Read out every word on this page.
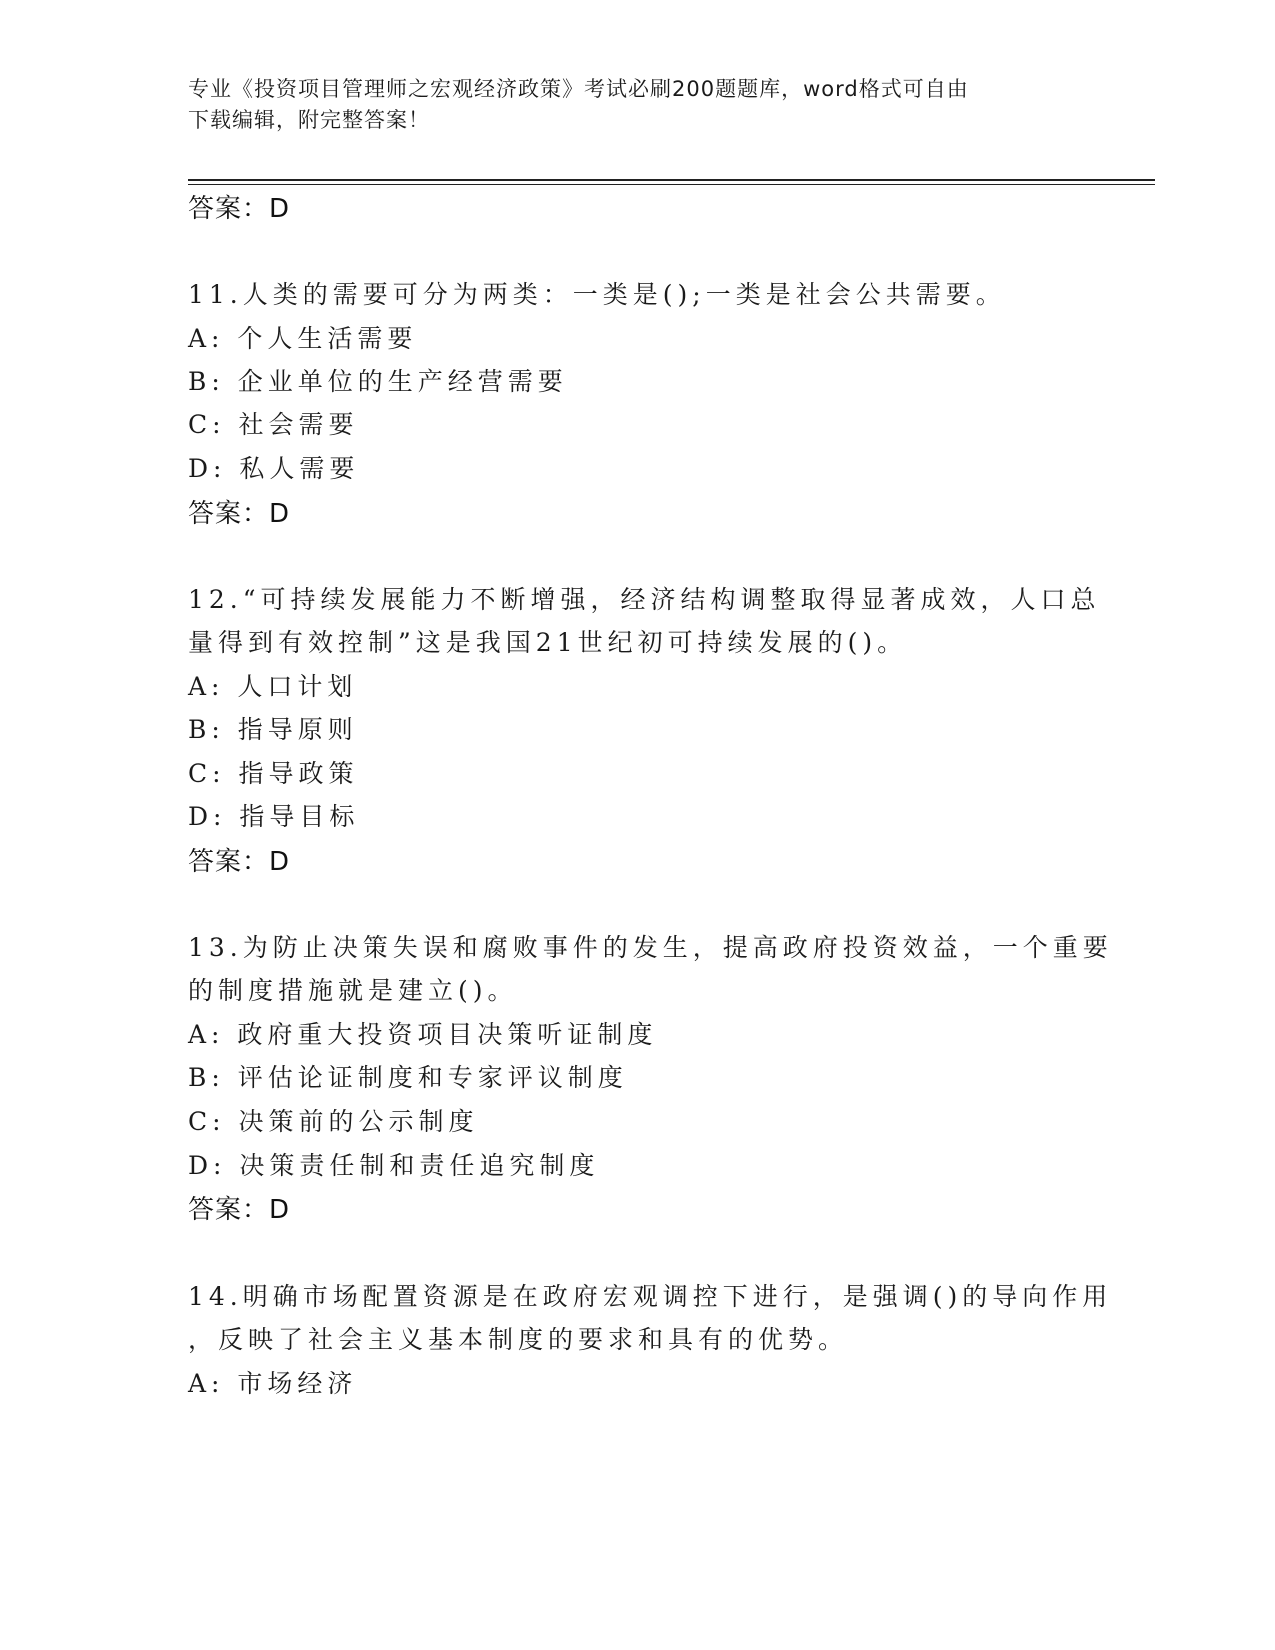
专业《投资项目管理师之宏观经济政策》考试必刷200题题库，word格式可自由
下载编辑，附完整答案！
答案：D
11.人类的需要可分为两类：一类是();一类是社会公共需要。
A: 个人生活需要
B: 企业单位的生产经营需要
C: 社会需要
D: 私人需要
答案：D
12.“可持续发展能力不断增强，经济结构调整取得显著成效，人口总
量得到有效控制”这是我国21世纪初可持续发展的()。
A: 人口计划
B: 指导原则
C: 指导政策
D: 指导目标
答案：D
13.为防止决策失误和腐败事件的发生，提高政府投资效益，一个重要
的制度措施就是建立()。
A: 政府重大投资项目决策听证制度
B: 评估论证制度和专家评议制度
C: 决策前的公示制度
D: 决策责任制和责任追究制度
答案：D
14.明确市场配置资源是在政府宏观调控下进行，是强调()的导向作用
，反映了社会主义基本制度的要求和具有的优势。
A: 市场经济
